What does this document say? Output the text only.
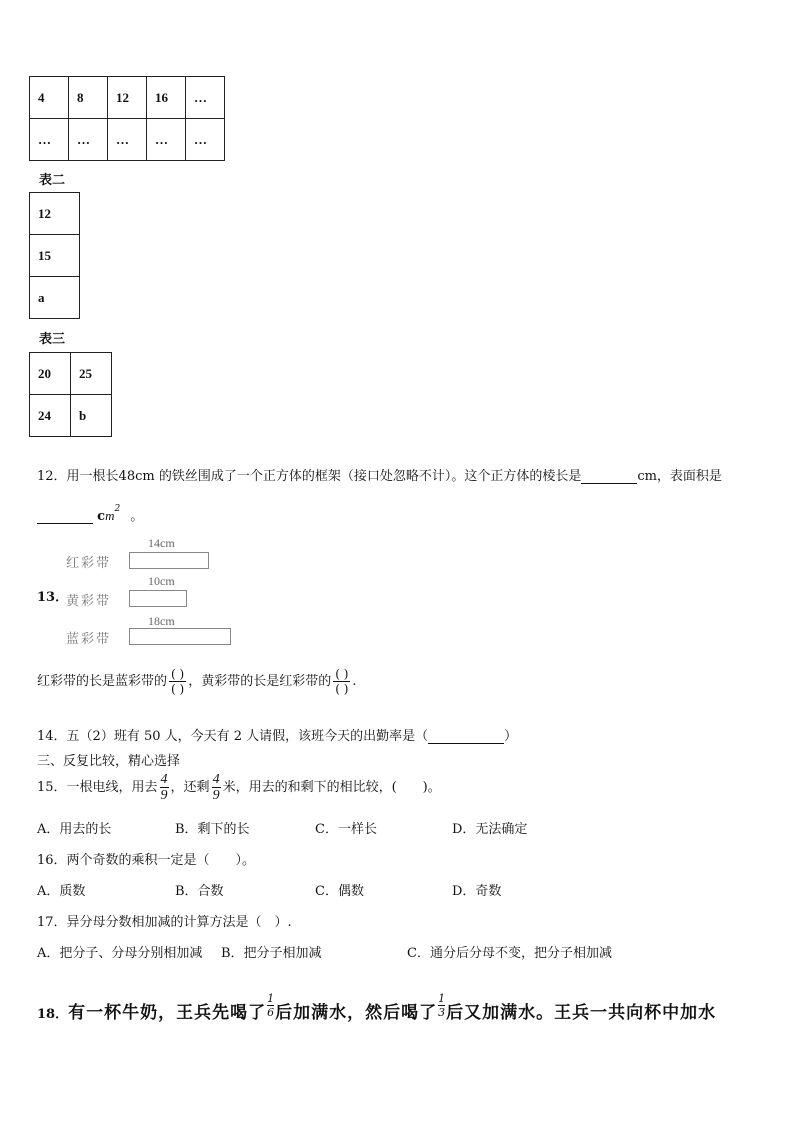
4	8	12	16	…
…	…	…	…	…
表二
12
15
a
表三
20	25
24	b
12．用一根长48cm 的铁丝围成了一个正方体的框架（接口处忽略不计）。这个正方体的棱长是	cm，表面积是
$cm^2$ 。
13．
14cm
红彩带
10cm
黄彩带
18cm
蓝彩带
红彩带的长是蓝彩带的 $\frac{( )}{( )}$ ，黄彩带的长是红彩带的 $\frac{( )}{( )}$ .
14．五（2）班有 50 人，今天有 2 人请假，该班今天的出勤率是（	）
三、反复比较，精心选择
15．一根电线，用去 $\frac{4}{9}$ ，还剩 $\frac{4}{9}$ 米，用去的和剩下的相比较，(　　)。
A．用去的长	B．剩下的长	C．一样长	D．无法确定
16．两个奇数的乘积一定是（　　）。
A．质数	B．合数	C．偶数	D．奇数
17．异分母分数相加减的计算方法是（　）.
A．把分子、分母分别相加减 B．把分子相加减	C．通分后分母不变，把分子相加减
18．有一杯牛奶，王兵先喝了 $\frac{1}{6}$ 后加满水，然后喝了 $\frac{1}{3}$ 后又加满水。王兵一共向杯中加水
